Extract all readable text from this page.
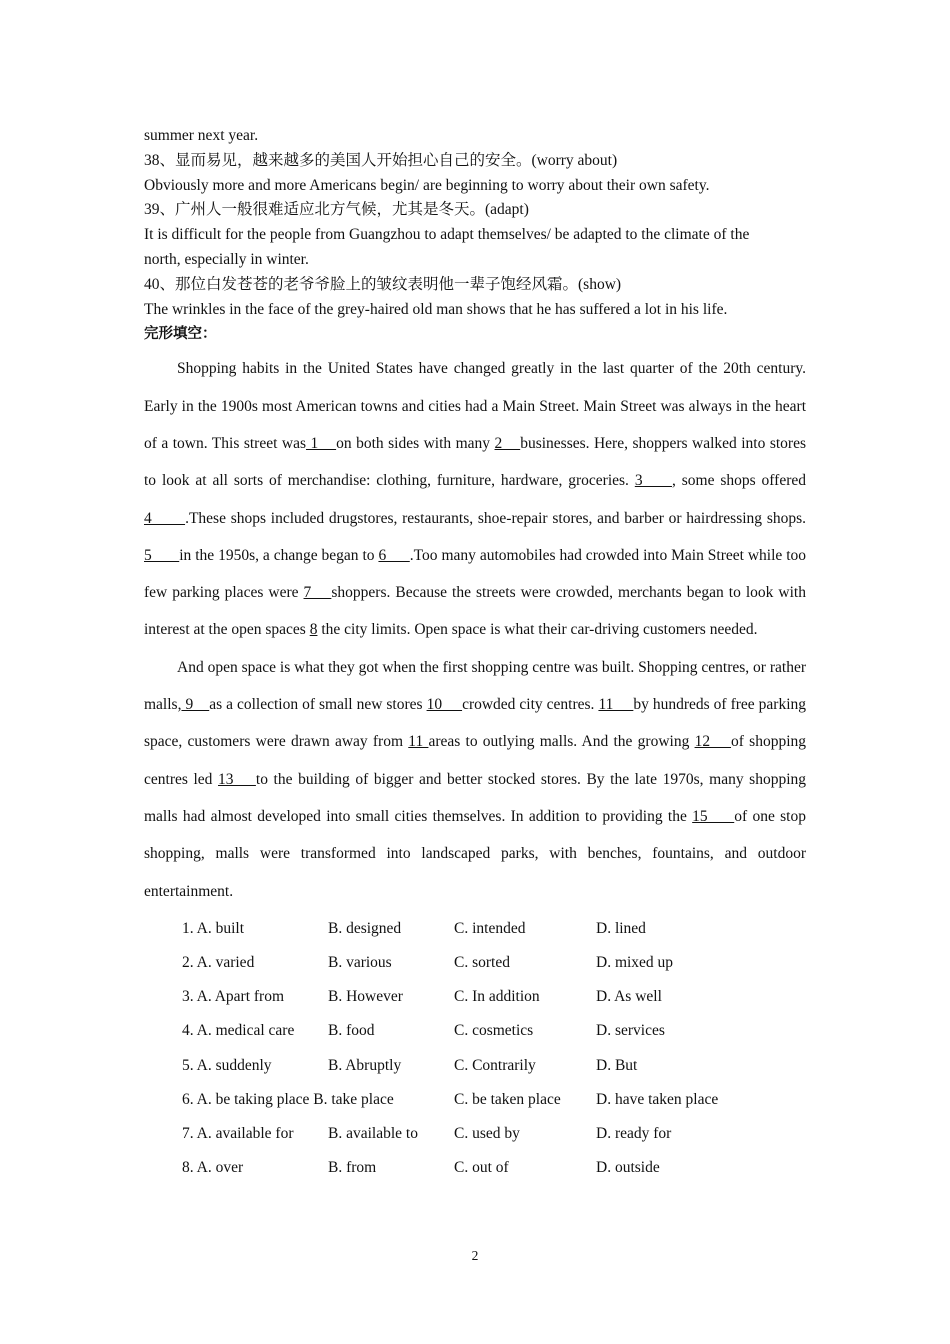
summer next year.
38、显而易见，越来越多的美国人开始担心自己的安全。(worry about)
Obviously more and more Americans begin/ are beginning to worry about their own safety.
39、广州人一般很难适应北方气候，尤其是冬天。(adapt)
It is difficult for the people from Guangzhou to adapt themselves/ be adapted to the climate of the
north, especially in winter.
40、那位白发苍苍的老爷爷脸上的皱纹表明他一辈子饱经风霜。(show)
The wrinkles in the face of the grey-haired old man shows that he has suffered a lot in his life.
完形填空：
Shopping habits in the United States have changed greatly in the last quarter of the 20th century. Early in the 1900s most American towns and cities had a Main Street. Main Street was always in the heart of a town. This street was 1    on both sides with many 2    businesses. Here, shoppers walked into stores to look at all sorts of merchandise: clothing, furniture, hardware, groceries. 3     , some shops offered 4       .These shops included drugstores, restaurants, shoe-repair stores, and barber or hairdressing shops. 5       in the 1950s, a change began to 6      .Too many automobiles had crowded into Main Street while too few parking places were 7    shoppers. Because the streets were crowded, merchants began to look with interest at the open spaces 8 the city limits. Open space is what their car-driving customers needed.
And open space is what they got when the first shopping centre was built. Shopping centres, or rather malls, 9    as a collection of small new stores 10     crowded city centres. 11     by hundreds of free parking space, customers were drawn away from 11 areas to outlying malls. And the growing 12    of shopping centres led 13    to the building of bigger and better stocked stores. By the late 1970s, many shopping malls had almost developed into small cities themselves. In addition to providing the 15     of one stop shopping, malls were transformed into landscaped parks, with benches, fountains, and outdoor entertainment.
1. A. built	B. designed	C. intended	D. lined
2. A. varied	B. various	C. sorted	D. mixed up
3. A. Apart from	B. However	C. In addition	D. As well
4. A. medical care	B. food	C. cosmetics	D. services
5. A. suddenly	B. Abruptly	C. Contrarily	D. But
6. A. be taking place B. take place	C. be taken place	D. have taken place
7. A. available for	B. available to	C. used by	D. ready for
8. A. over	B. from	C. out of	D. outside
2
